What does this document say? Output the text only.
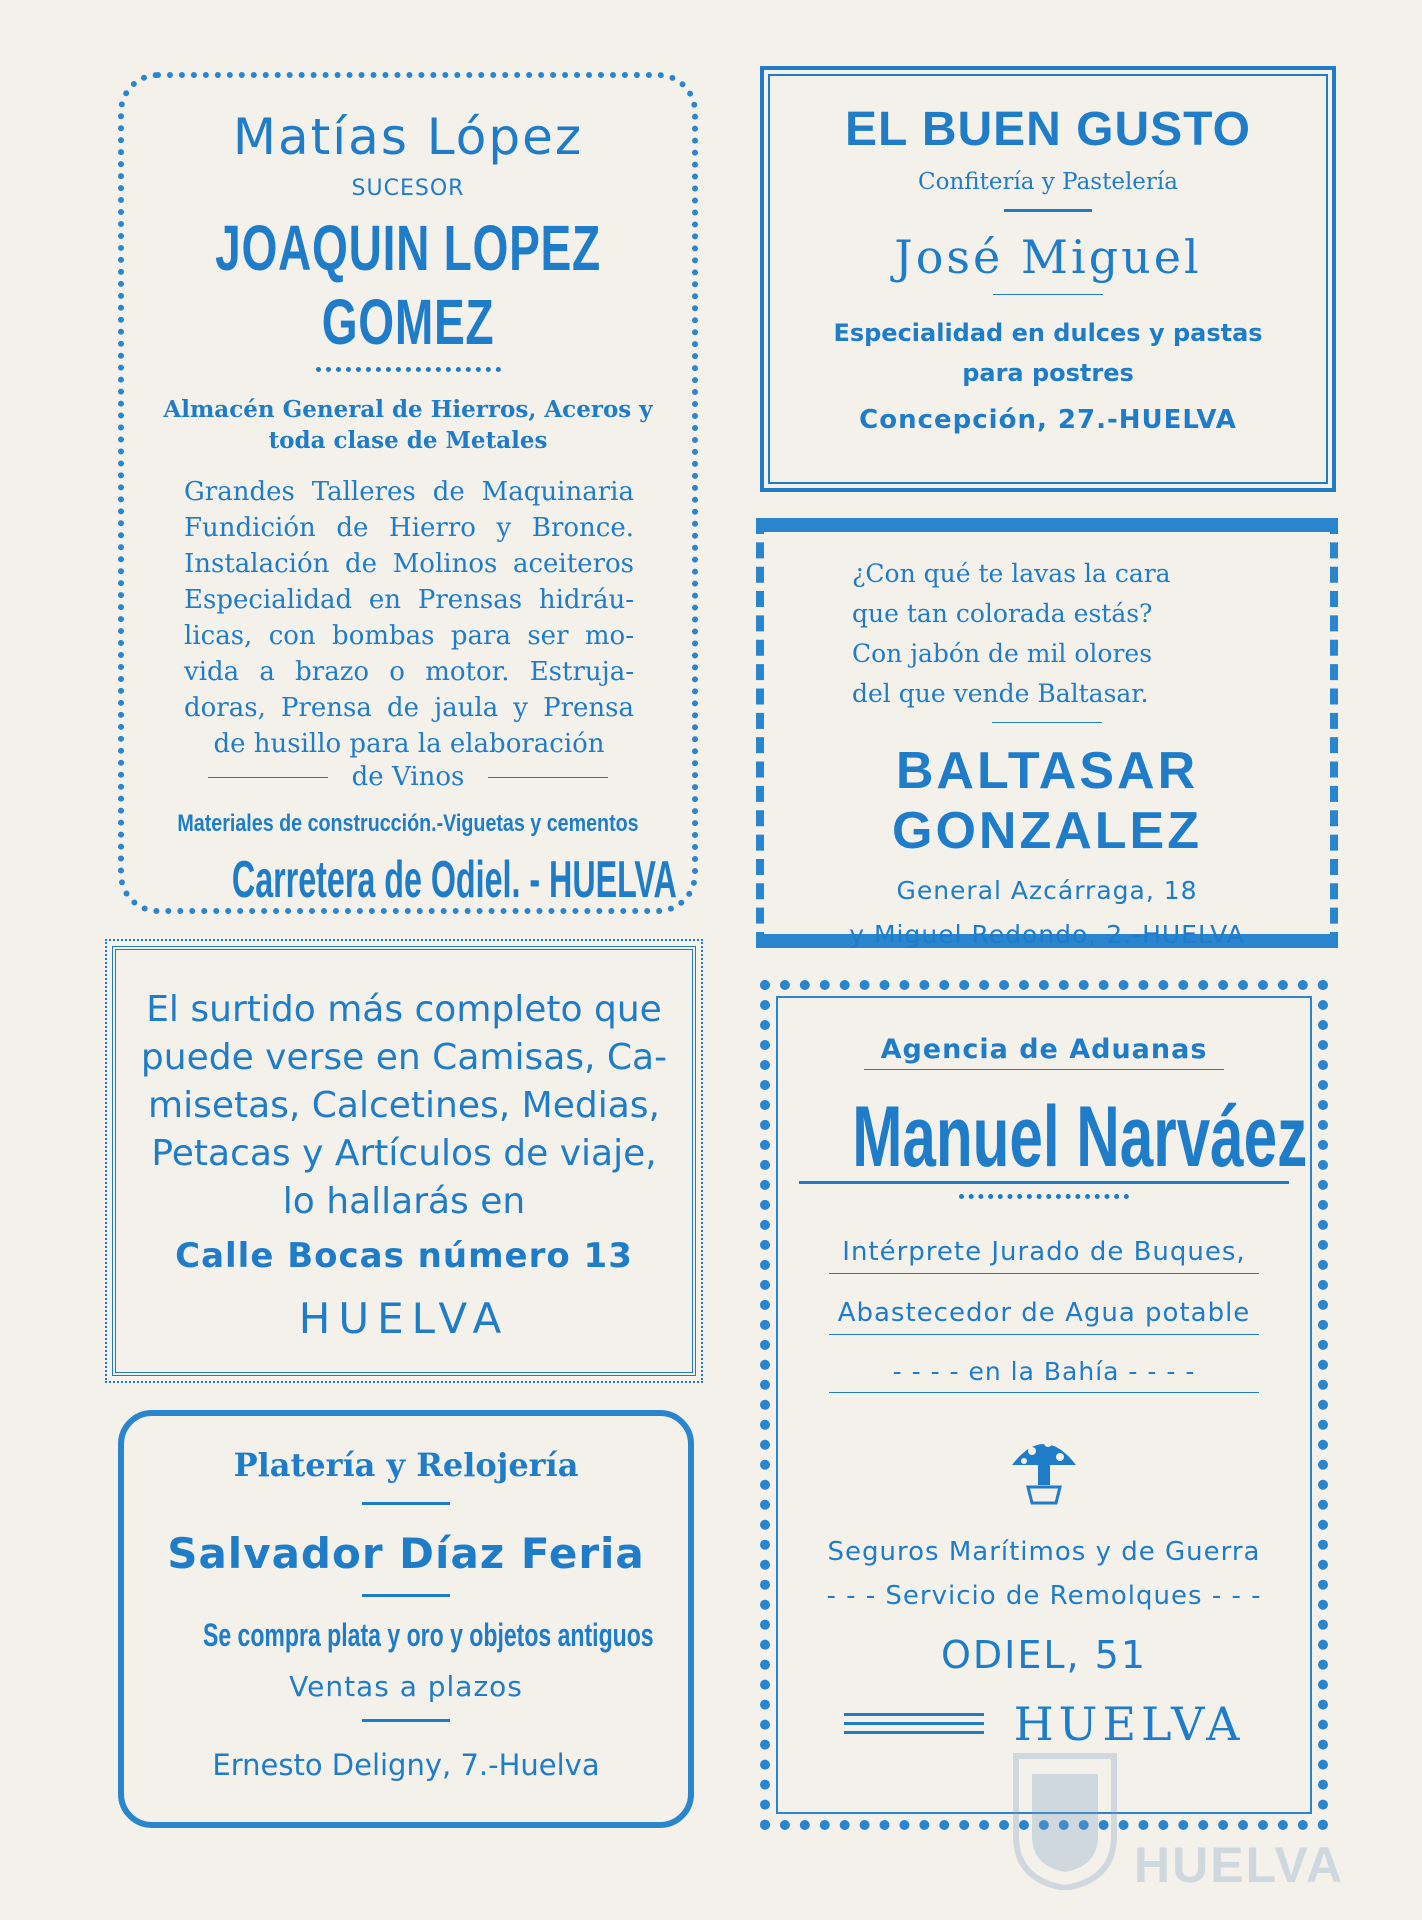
Matías López
SUCESOR
JOAQUIN LOPEZ GOMEZ
Almacén General de Hierros, Aceros y
toda clase de Metales
Grandes Talleres de Maquinaria Fundición de Hierro y Bronce. Instalación de Molinos aceiteros Especialidad en Prensas hidráu- licas, con bombas para ser mo- vida a brazo o motor. Estruja- doras, Prensa de jaula y Prensa de husillo para la elaboración
de Vinos
Materiales de construcción.-Viguetas y cementos
Carretera de Odiel. - HUELVA
EL BUEN GUSTO
Confitería y Pastelería
José Miguel
Especialidad en dulces y pastas
para postres
Concepción, 27.-HUELVA
¿Con qué te lavas la cara
que tan colorada estás?
Con jabón de mil olores
del que vende Baltasar.
BALTASAR GONZALEZ
General Azcárraga, 18
y Miguel Redondo, 2.-HUELVA
El surtido más completo que
puede verse en Camisas, Ca-
misetas, Calcetines, Medias,
Petacas y Artículos de viaje,
lo hallarás en
Calle Bocas número 13
HUELVA
Platería y Relojería
Salvador Díaz Feria
Se compra plata y oro y objetos antiguos
Ventas a plazos
Ernesto Deligny, 7.-Huelva
Agencia de Aduanas
Manuel Narváez
Intérprete Jurado de Buques,
Abastecedor de Agua potable
- - - - en la Bahía - - - -
Seguros Marítimos y de Guerra
- - - Servicio de Remolques - - -
ODIEL, 51
HUELVA
HUELVA
